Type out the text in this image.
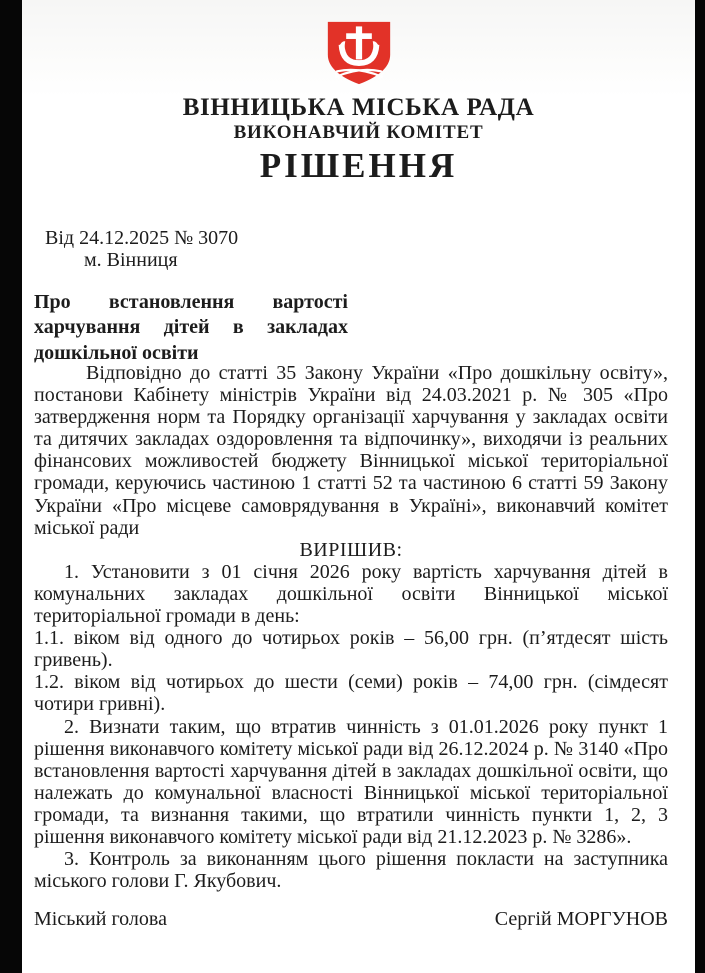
ВІННИЦЬКА МІСЬКА РАДА
ВИКОНАВЧИЙ КОМІТЕТ
РІШЕННЯ
Від 24.12.2025 № 3070
м. Вінниця
Про встановлення вартості харчування дітей в закладах дошкільної освіти

Відповідно до статті 35 Закону України «Про дошкільну освіту», постанови Кабінету міністрів України від 24.03.2021 р. № 305 «Про затвердження норм та Порядку організації харчування у закладах освіти та дитячих закладах оздоровлення та відпочинку», виходячи із реальних фінансових можливостей бюджету Вінницької міської територіальної громади, керуючись частиною 1 статті 52 та частиною 6 статті 59 Закону України «Про місцеве самоврядування в Україні», виконавчий комітет міської ради

ВИРІШИВ:

1. Установити з 01 січня 2026 року вартість харчування дітей в комунальних закладах дошкільної освіти Вінницької міської територіальної громади в день:

1.1. віком від одного до чотирьох років – 56,00 грн. (п’ятдесят шість гривень).

1.2. віком від чотирьох до шести (семи) років – 74,00 грн. (сімдесят чотири гривні).

2. Визнати таким, що втратив чинність з 01.01.2026 року пункт 1 рішення виконавчого комітету міської ради від 26.12.2024 р. № 3140 «Про встановлення вартості харчування дітей в закладах дошкільної освіти, що належать до комунальної власності Вінницької міської територіальної громади, та визнання такими, що втратили чинність пункти 1, 2, 3 рішення виконавчого комітету міської ради від 21.12.2023 р. № 3286».

3. Контроль за виконанням цього рішення покласти на заступника міського голови Г. Якубович.

Міський голова	Сергій МОРГУНОВ
